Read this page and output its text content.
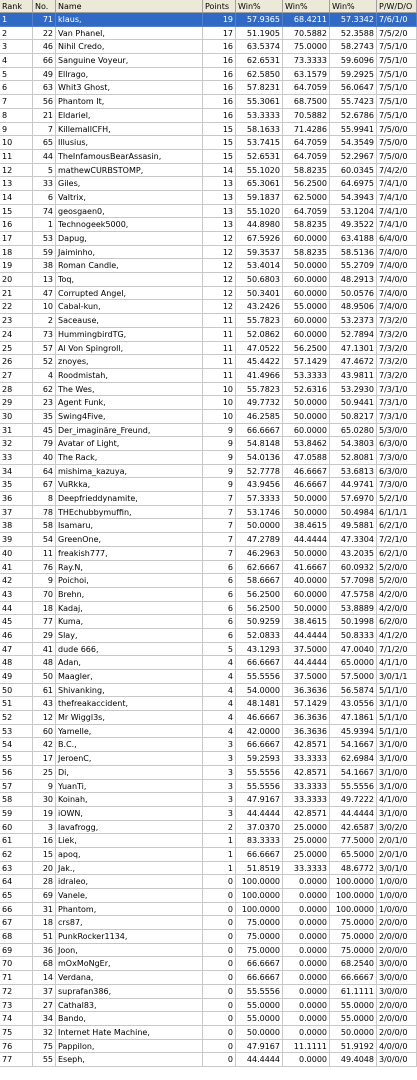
Rank	No.	Name	Points	Win%	Win%	Win%	P/W/D/O
1	71 klaus,	19	57.9365	68.4211	57.3342 7/6/1/0
2	22 Van Phanel,	17	51.1905	70.5882	52.3588 7/5/2/0
3	46 Nihil Credo,	16	63.5374	75.0000	58.2743 7/5/1/0
4	66 Sanguine Voyeur,	16	62.6531	73.3333	59.6096 7/5/1/0
5	49 Ellrago,	16	62.5850	63.1579	59.2925 7/5/1/0
6	63 Whit3 Ghost,	16	57.8231	64.7059	56.0647 7/5/1/0
7	56 Phantom It,	16	55.3061	68.7500	55.7423 7/5/1/0
8	21 Eldariel,	16	53.3333	70.5882	52.6786 7/5/1/0
9	7 KillemallCFH,	15	58.1633	71.4286	55.9941 7/5/0/0
10	65 Illusius,	15	53.7415	64.7059	54.3549 7/5/0/0
11	44 TheInfamousBearAssasin,	15	52.6531	64.7059	52.2967 7/5/0/0
12	5 mathewCURBSTOMP,	14	55.1020	58.8235	60.0345 7/4/2/0
13	33 Giles,	13	65.3061	56.2500	64.6975 7/4/1/0
14	6 Valtrix,	13	59.1837	62.5000	54.3943 7/4/1/0
15	74 geosgaen0,	13	55.1020	64.7059	53.1204 7/4/1/0
16	1 Technogeek5000,	13	44.8980	58.8235	49.3522 7/4/1/0
17	53 Dapug,	12	67.5926	60.0000	63.4188 6/4/0/0
18	59 Jaiminho,	12	59.3537	58.8235	58.5136 7/4/0/0
19	38 Roman Candle,	12	53.4014	50.0000	55.2709 7/4/0/0
20	13 Toq,	12	50.6803	60.0000	48.2913 7/4/0/0
21	47 Corrupted Angel,	12	50.3401	60.0000	50.0576 7/4/0/0
22	10 Cabal-kun,	12	43.2426	55.0000	48.9506 7/4/0/0
23	2 Saceause,	11	55.7823	60.0000	53.2373 7/3/2/0
24	73 HummingbirdTG,	11	52.0862	60.0000	52.7894 7/3/2/0
25	57 Al Von Spingroll,	11	47.0522	56.2500	47.1301 7/3/2/0
26	52 znoyes,	11	45.4422	57.1429	47.4672 7/3/2/0
27	4 Roodmistah,	11	41.4966	53.3333	43.9811 7/3/2/0
28	62 The Wes,	10	55.7823	52.6316	53.2930 7/3/1/0
29	23 Agent Funk,	10	49.7732	50.0000	50.9441 7/3/1/0
30	35 Swing4Five,	10	46.2585	50.0000	50.8217 7/3/1/0
31	45 Der_imaginäre_Freund,	9	66.6667	60.0000	65.0280 5/3/0/0
32	79 Avatar of Light,	9	54.8148	53.8462	54.3803 6/3/0/0
33	40 The Rack,	9	54.0136	47.0588	52.8081 7/3/0/0
34	64 mishima_kazuya,	9	52.7778	46.6667	53.6813 6/3/0/0
35	67 VuRkka,	9	43.9456	46.6667	44.9741 7/3/0/0
36	8 Deepfrieddynamite,	7	57.3333	50.0000	57.6970 5/2/1/0
37	78 THEchubbymuffin,	7	53.1746	50.0000	50.4984 6/1/1/1
38	58 Isamaru,	7	50.0000	38.4615	49.5881 6/2/1/0
39	54 GreenOne,	7	47.2789	44.4444	47.3304 7/2/1/0
40	11 freakish777,	7	46.2963	50.0000	43.2035 6/2/1/0
41	76 Ray.N,	6	62.6667	41.6667	60.0932 5/2/0/0
42	9 Poichoi,	6	58.6667	40.0000	57.7098 5/2/0/0
43	70 Brehn,	6	56.2500	60.0000	47.5758 4/2/0/0
44	18 Kadaj,	6	56.2500	50.0000	53.8889 4/2/0/0
45	77 Kuma,	6	50.9259	38.4615	50.1998 6/2/0/0
46	29 Slay,	6	52.0833	44.4444	50.8333 4/1/2/0
47	41 dude 666,	5	43.1293	37.5000	47.0040 7/1/2/0
48	48 Adan,	4	66.6667	44.4444	65.0000 4/1/1/0
49	50 Maagler,	4	55.5556	37.5000	57.5000 3/0/1/1
50	61 Shivanking,	4	54.0000	36.3636	56.5874 5/1/1/0
51	43 thefreakaccident,	4	48.1481	57.1429	43.0556 3/1/1/0
52	12 Mr Wiggl3s,	4	46.6667	36.3636	47.1861 5/1/1/0
53	60 Yamelle,	4	42.0000	36.3636	45.9394 5/1/1/0
54	42 B.C.,	3	66.6667	42.8571	54.1667 3/1/0/0
55	17 JeroenC,	3	59.2593	33.3333	62.6984 3/1/0/0
56	25 Di,	3	55.5556	42.8571	54.1667 3/1/0/0
57	9 YuanTi,	3	55.5556	33.3333	55.5556 3/1/0/0
58	30 Koinah,	3	47.9167	33.3333	49.7222 4/1/0/0
59	19 iOWN,	3	44.4444	42.8571	44.4444 3/1/0/0
60	3 lavafrogg,	2	37.0370	25.0000	42.6587 3/0/2/0
61	16 Liek,	1	83.3333	25.0000	77.5000 2/0/1/0
62	15 apoq,	1	66.6667	25.0000	65.5000 2/0/1/0
63	20 Jak.,	1	51.8519	33.3333	48.6772 3/0/1/0
64	28 idraleo,	0	100.0000	0.0000	100.0000 1/0/0/0
65	69 Vanele,	0	100.0000	0.0000	100.0000 1/0/0/0
66	31 Phantom,	0	100.0000	0.0000	100.0000 1/0/0/0
67	18 crs87,	0	75.0000	0.0000	75.0000 2/0/0/0
68	51 PunkRocker1134,	0	75.0000	0.0000	75.0000 2/0/0/0
69	36 Joon,	0	75.0000	0.0000	75.0000 2/0/0/0
70	68 mOxMoNgEr,	0	66.6667	0.0000	68.2540 3/0/0/0
71	14 Verdana,	0	66.6667	0.0000	66.6667 3/0/0/0
72	37 suprafan386,	0	55.5556	0.0000	61.1111 3/0/0/0
73	27 Cathal83,	0	55.0000	0.0000	55.0000 2/0/0/0
74	34 Bando,	0	55.0000	0.0000	55.0000 2/0/0/0
75	32 Internet Hate Machine,	0	50.0000	0.0000	50.0000 2/0/0/0
76	75 Pappilon,	0	47.9167	11.1111	51.9192 4/0/0/0
77	55 Eseph,	0	44.4444	0.0000	49.4048 3/0/0/0
